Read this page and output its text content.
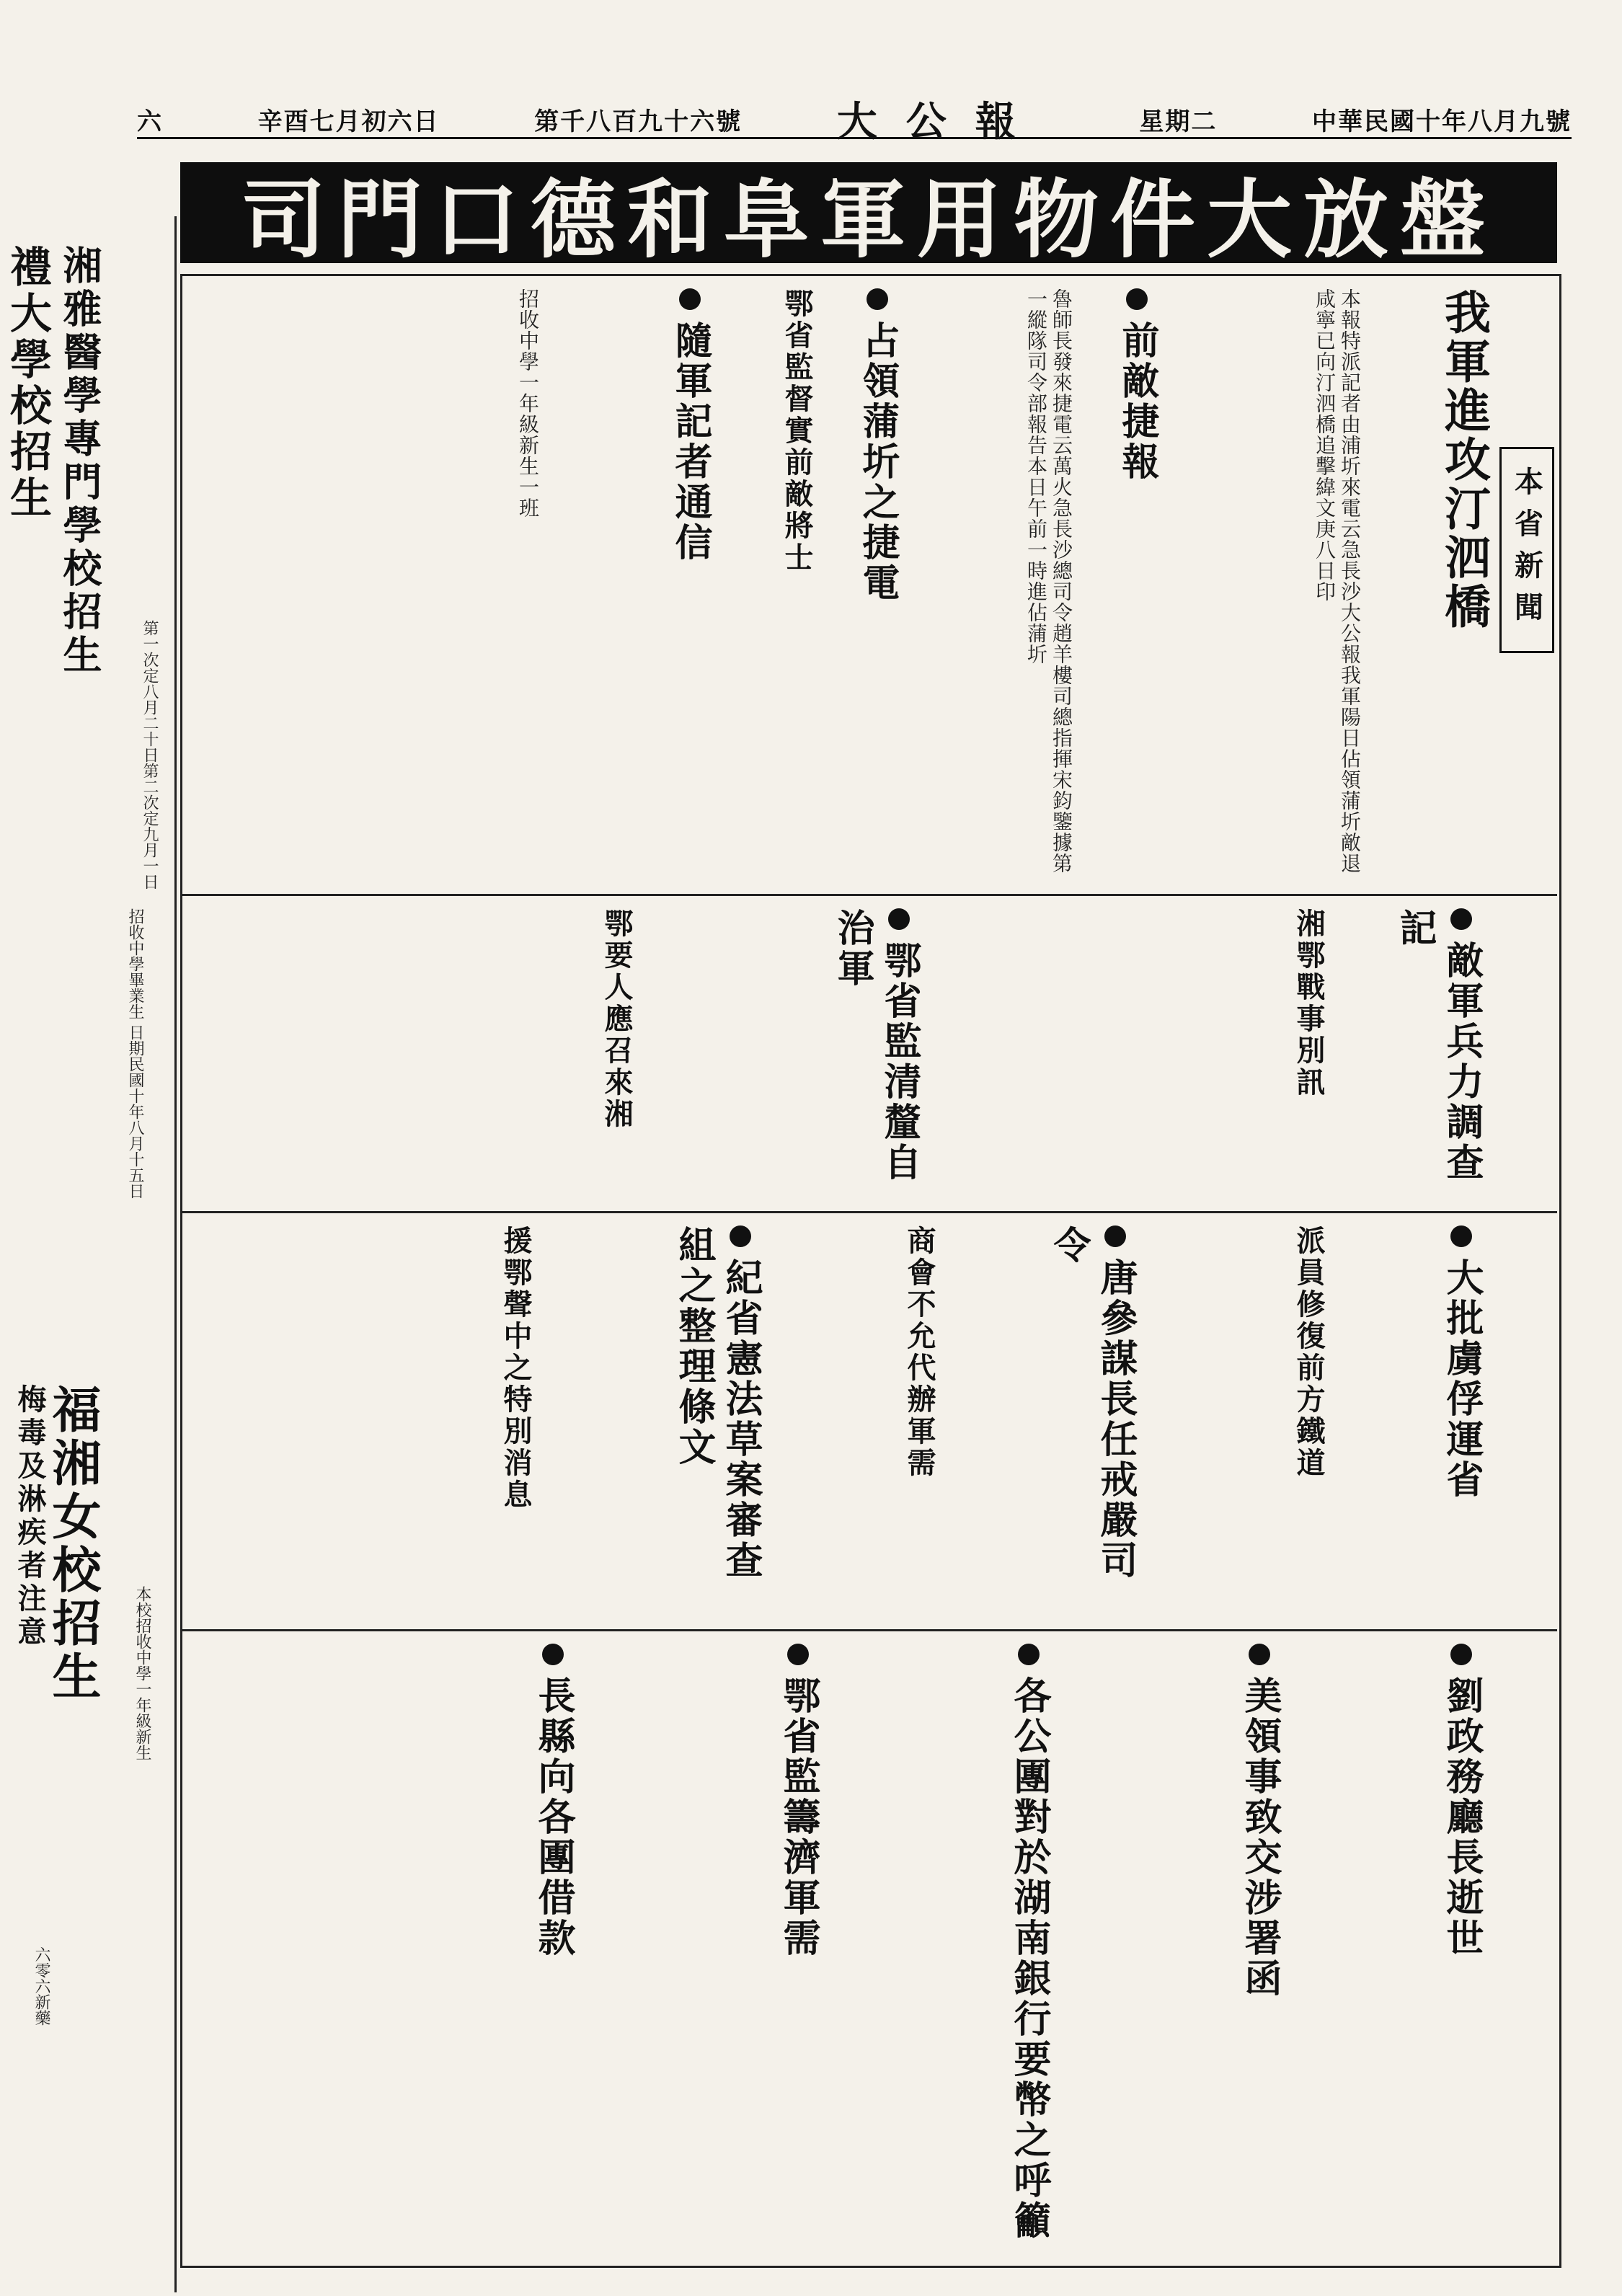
中華民國十年八月九號
星期二
大公報
第千八百九十六號
辛酉七月初六日
六
司門口德和阜軍用物件大放盤
本省新聞
我軍進攻汀泗橋
本報特派記者由浦圻來電云急長沙大公報我軍陽日佔領蒲圻敵退咸寧已向汀泗橋追擊緯文庚八日印
前敵捷報
魯師長發來捷電云萬火急長沙總司令趙羊樓司總指揮宋鈞鑒據第一縱隊司令部報告本日午前一時進佔蒲圻
占領蒲圻之捷電
鄂省監督實前敵將士
隨軍記者通信
招收中學一年級新生一班
敵軍兵力調查記
湘鄂戰事別訊
鄂省監清釐自治軍
鄂要人應召來湘
大批虜俘運省
派員修復前方鐵道
唐參謀長任戒嚴司令
商會不允代辦軍需
紀省憲法草案審查組之整理條文
援鄂聲中之特別消息
劉政務廳長逝世
美領事致交涉署函
各公團對於湖南銀行要幣之呼籲
鄂省監籌濟軍需
長縣向各團借款
禮大學校招生
第一次定八月二十日第二次定九月一日
湘雅醫學專門學校招生
招收中學畢業生 日期民國十年八月十五日
梅毒及淋疾者注意
福湘女校招生	本校招收中學一年級新生
六零六新藥
